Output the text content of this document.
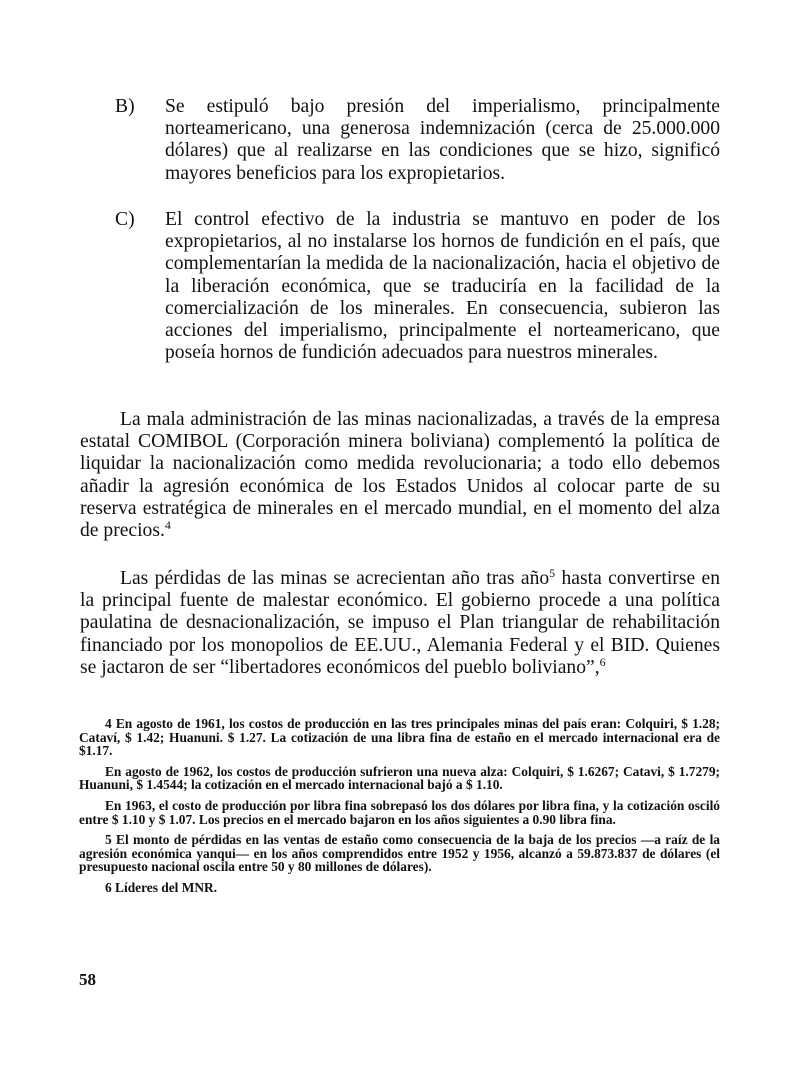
B)	Se estipuló bajo presión del imperialismo, principalmente norteamericano, una generosa indemnización (cerca de 25.000.000 dólares) que al realizarse en las condiciones que se hizo, significó mayores beneficios para los expropietarios.
C)	El control efectivo de la industria se mantuvo en poder de los expropietarios, al no instalarse los hornos de fundición en el país, que complementarían la medida de la nacionalización, hacia el objetivo de la liberación económica, que se traduciría en la facilidad de la comercialización de los minerales. En consecuencia, subieron las acciones del imperialismo, principalmente el norteamericano, que poseía hornos de fundición adecuados para nuestros minerales.
La mala administración de las minas nacionalizadas, a través de la empresa estatal COMIBOL (Corporación minera boliviana) complementó la política de liquidar la nacionalización como medida revolucionaria; a todo ello debemos añadir la agresión económica de los Estados Unidos al colocar parte de su reserva estratégica de minerales en el mercado mundial, en el momento del alza de precios.$^4$
Las pérdidas de las minas se acrecientan año tras año$^5$ hasta convertirse en la principal fuente de malestar económico. El gobierno procede a una política paulatina de desnacionalización, se impuso el Plan triangular de rehabilitación financiado por los monopolios de EE.UU., Alemania Federal y el BID. Quienes se jactaron de ser “libertadores económicos del pueblo boliviano”,$^6$

4 En agosto de 1961, los costos de producción en las tres principales minas del país eran: Colquiri, $ 1.28; Cataví, $ 1.42; Huanuni. $ 1.27. La cotización de una libra fina de estaño en el mercado internacional era de $1.17.

En agosto de 1962, los costos de producción sufrieron una nueva alza: Colquiri, $ 1.6267; Catavi, $ 1.7279; Huanuni, $ 1.4544; la cotización en el mercado internacional bajó a $ 1.10.

En 1963, el costo de producción por libra fina sobrepasó los dos dólares por libra fina, y la cotización osciló entre $ 1.10 y $ 1.07. Los precios en el mercado bajaron en los años siguientes a 0.90 libra fina.

5 El monto de pérdidas en las ventas de estaño como consecuencia de la baja de los precios —a raíz de la agresión económica yanqui— en los años comprendidos entre 1952 y 1956, alcanzó a 59.873.837 de dólares (el presupuesto nacional oscila entre 50 y 80 millones de dólares).

6 Líderes del MNR.

58
